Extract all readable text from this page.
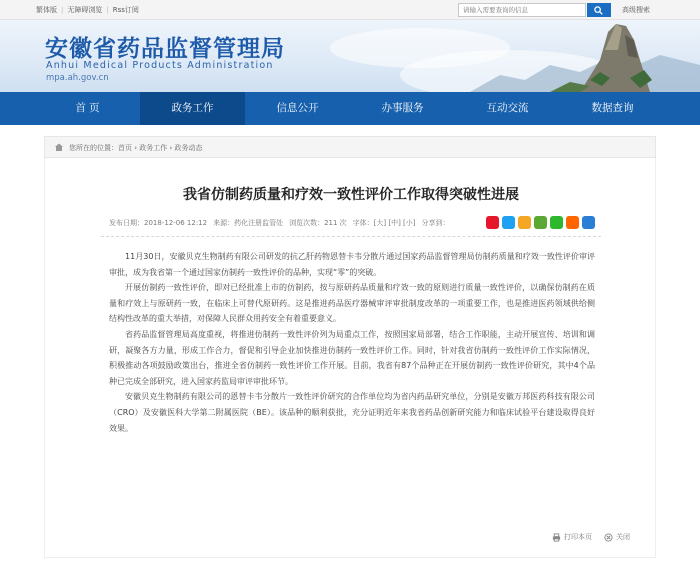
繁体版 | 无障碍浏览 | Rss订阅
请输入需要查询的信息	高级搜索
安徽省药品监督管理局
Anhui Medical Products Administration
mpa.ah.gov.cn
首 页	政务工作	信息公开	办事服务	互动交流	数据查询
您所在的位置：首页 › 政务工作 › 政务动态
我省仿制药质量和疗效一致性评价工作取得突破性进展
发布日期：2018-12-06 12:12 来源：药化注册监管处 浏览次数：211 次 字体：[大] [中] [小] 分享到：

11月30日，安徽贝克生物制药有限公司研发的抗乙肝药物恩替卡韦分散片通过国家药品监督管理局仿制药质量和疗效一致性评价审评审批，成为我省第一个通过国家仿制药一致性评价的品种，实现“零”的突破。

开展仿制药一致性评价，即对已经批准上市的仿制药，按与原研药品质量和疗效一致的原则进行质量一致性评价，以确保仿制药在质量和疗效上与原研药一致，在临床上可替代原研药。这是推进药品医疗器械审评审批制度改革的一项重要工作，也是推进医药领域供给侧结构性改革的重大举措，对保障人民群众用药安全有着重要意义。

省药品监督管理局高度重视，将推进仿制药一致性评价列为局重点工作，按照国家局部署，结合工作职能，主动开展宣传、培训和调研，凝聚各方力量，形成工作合力，督促和引导企业加快推进仿制药一致性评价工作。同时，针对我省仿制药一致性评价工作实际情况，积极推动各项鼓励政策出台，推进全省仿制药一致性评价工作开展。目前，我省有87个品种正在开展仿制药一致性评价研究，其中4个品种已完成全部研究，进入国家药监局审评审批环节。

安徽贝克生物制药有限公司的恩替卡韦分散片一致性评价研究的合作单位均为省内药品研究单位，分别是安徽万邦医药科技有限公司（CRO）及安徽医科大学第二附属医院（BE）。该品种的顺利获批，充分证明近年来我省药品创新研究能力和临床试验平台建设取得良好效果。

打印本页	关闭
